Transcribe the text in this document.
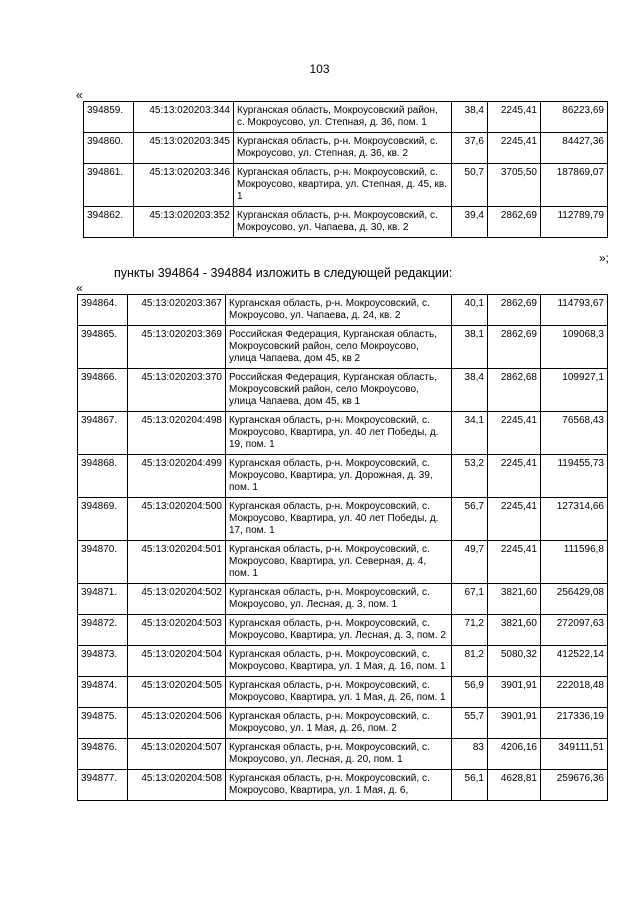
103
«
394859.	45:13:020203:344	Курганская область, Мокроусовский район, с. Мокроусово, ул. Степная, д. 36, пом. 1	38,4	2245,41	86223,69
394860.	45:13:020203:345	Курганская область, р-н. Мокроусовский, с. Мокроусово, ул. Степная, д. 36, кв. 2	37,6	2245,41	84427,36
394861.	45:13:020203:346	Курганская область, р-н. Мокроусовский, с. Мокроусово, квартира, ул. Степная, д. 45, кв. 1	50,7	3705,50	187869,07
394862.	45:13:020203:352	Курганская область, р-н. Мокроусовский, с. Мокроусово, ул. Чапаева, д. 30, кв. 2	39,4	2862,69	112789,79
»;
пункты 394864 - 394884 изложить в следующей редакции:
«
394864.	45:13:020203:367	Курганская область, р-н. Мокроусовский, с. Мокроусово, ул. Чапаева, д. 24, кв. 2	40,1	2862,69	114793,67
394865.	45:13:020203:369	Российская Федерация, Курганская область, Мокроусовский район, село Мокроусово, улица Чапаева, дом 45, кв 2	38,1	2862,69	109068,3
394866.	45:13:020203:370	Российская Федерация, Курганская область, Мокроусовский район, село Мокроусово, улица Чапаева, дом 45, кв 1	38,4	2862,68	109927,1
394867.	45:13:020204:498	Курганская область, р-н. Мокроусовский, с. Мокроусово, Квартира, ул. 40 лет Победы, д. 19, пом. 1	34,1	2245,41	76568,43
394868.	45:13:020204:499	Курганская область, р-н. Мокроусовский, с. Мокроусово, Квартира, ул. Дорожная, д. 39, пом. 1	53,2	2245,41	119455,73
394869.	45:13:020204:500	Курганская область, р-н. Мокроусовский, с. Мокроусово, Квартира, ул. 40 лет Победы, д. 17, пом. 1	56,7	2245,41	127314,66
394870.	45:13:020204:501	Курганская область, р-н. Мокроусовский, с. Мокроусово, Квартира, ул. Северная, д. 4, пом. 1	49,7	2245,41	111596,8
394871.	45:13:020204:502	Курганская область, р-н. Мокроусовский, с. Мокроусово, ул. Лесная, д. 3, пом. 1	67,1	3821,60	256429,08
394872.	45:13:020204:503	Курганская область, р-н. Мокроусовский, с. Мокроусово, Квартира, ул. Лесная, д. 3, пом. 2	71,2	3821,60	272097,63
394873.	45:13:020204:504	Курганская область, р-н. Мокроусовский, с. Мокроусово, Квартира, ул. 1 Мая, д. 16, пом. 1	81,2	5080,32	412522,14
394874.	45:13:020204:505	Курганская область, р-н. Мокроусовский, с. Мокроусово, Квартира, ул. 1 Мая, д. 26, пом. 1	56,9	3901,91	222018,48
394875.	45:13:020204:506	Курганская область, р-н. Мокроусовский, с. Мокроусово, ул. 1 Мая, д. 26, пом. 2	55,7	3901,91	217336,19
394876.	45:13:020204:507	Курганская область, р-н. Мокроусовский, с. Мокроусово, ул. Лесная, д. 20, пом. 1	83	4206,16	349111,51
394877.	45:13:020204:508	Курганская область, р-н. Мокроусовский, с. Мокроусово, Квартира, ул. 1 Мая, д. 6,	56,1	4628,81	259676,36
